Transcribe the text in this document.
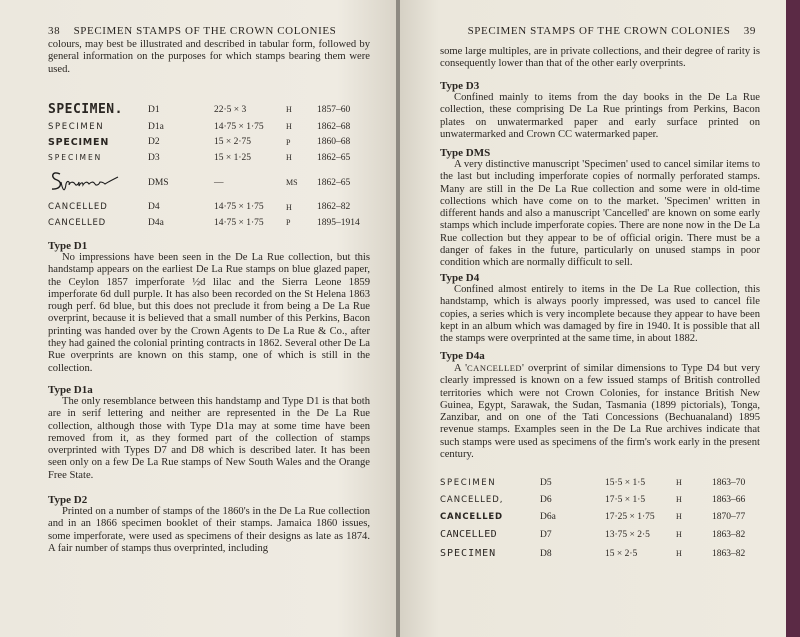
38 SPECIMEN STAMPS OF THE CROWN COLONIES

colours, may best be illustrated and described in tabular form, followed by general information on the purposes for which stamps bearing them were used.

SPECIMEN.	D1	22·5 × 3	H	1857–60
SPECIMEN	D1a	14·75 × 1·75	H	1862–68
SPECIMEN	D2	15 × 2·75	P	1860–68
SPECIMEN	D3	15 × 1·25	H	1862–65
	DMS	—	MS	1862–65
CANCELLED	D4	14·75 × 1·75	H	1862–82
CANCELLED	D4a	14·75 × 1·75	P	1895–1914
Type D1

No impressions have been seen in the De La Rue collection, but this handstamp appears on the earliest De La Rue stamps on blue glazed paper, the Ceylon 1857 imperforate ½d lilac and the Sierra Leone 1859 imperforate 6d dull purple. It has also been recorded on the St Helena 1863 rough perf. 6d blue, but this does not preclude it from being a De La Rue overprint, because it is believed that a small number of this Perkins, Bacon printing was handed over by the Crown Agents to De La Rue & Co., after they had gained the colonial printing contracts in 1862. Several other De La Rue overprints are known on this stamp, one of which is still in the collection.

Type D1a

The only resemblance between this handstamp and Type D1 is that both are in serif lettering and neither are represented in the De La Rue collection, although those with Type D1a may at some time have been removed from it, as they formed part of the collection of stamps overprinted with Types D7 and D8 which is described later. It has been seen only on a few De La Rue stamps of New South Wales and the Orange Free State.

Type D2

Printed on a number of stamps of the 1860's in the De La Rue collection and in an 1866 specimen booklet of their stamps. Jamaica 1860 issues, some imperforate, were used as specimens of their designs as late as 1874. A fair number of stamps thus overprinted, including

SPECIMEN STAMPS OF THE CROWN COLONIES 39

some large multiples, are in private collections, and their degree of rarity is consequently lower than that of the other early overprints.

Type D3

Confined mainly to items from the day books in the De La Rue collection, these comprising De La Rue printings from Perkins, Bacon plates on unwatermarked paper and early surface printed on unwatermarked and Crown CC watermarked paper.

Type DMS

A very distinctive manuscript 'Specimen' used to cancel similar items to the last but including imperforate copies of normally perforated stamps. Many are still in the De La Rue collection and some were in old-time collections which have come on to the market. 'Specimen' written in different hands and also a manuscript 'Cancelled' are known on some early stamps which include imperforate copies. There are none now in the De La Rue collection but they appear to be of official origin. There must be a danger of fakes in the future, particularly on unused stamps in poor condition which are normally difficult to sell.

Type D4

Confined almost entirely to items in the De La Rue collection, this handstamp, which is always poorly impressed, was used to cancel file copies, a series which is very incomplete because they appear to have been kept in an album which was damaged by fire in 1940. It is possible that all the stamps were overprinted at the same time, in about 1882.

Type D4a

A 'CANCELLED' overprint of similar dimensions to Type D4 but very clearly impressed is known on a few issued stamps of British controlled territories which were not Crown Colonies, for instance British New Guinea, Egypt, Sarawak, the Sudan, Tasmania (1899 pictorials), Tonga, Zanzibar, and on one of the Tati Concessions (Bechuanaland) 1895 revenue stamps. Examples seen in the De La Rue archives indicate that such stamps were used as specimens of the firm's work early in the present century.

SPECIMEN	D5	15·5 × 1·5	H	1863–70
CANCELLED,	D6	17·5 × 1·5	H	1863–66
CANCELLED	D6a	17·25 × 1·75	H	1870–77
CANCELLED	D7	13·75 × 2·5	H	1863–82
SPECIMEN	D8	15 × 2·5	H	1863–82
